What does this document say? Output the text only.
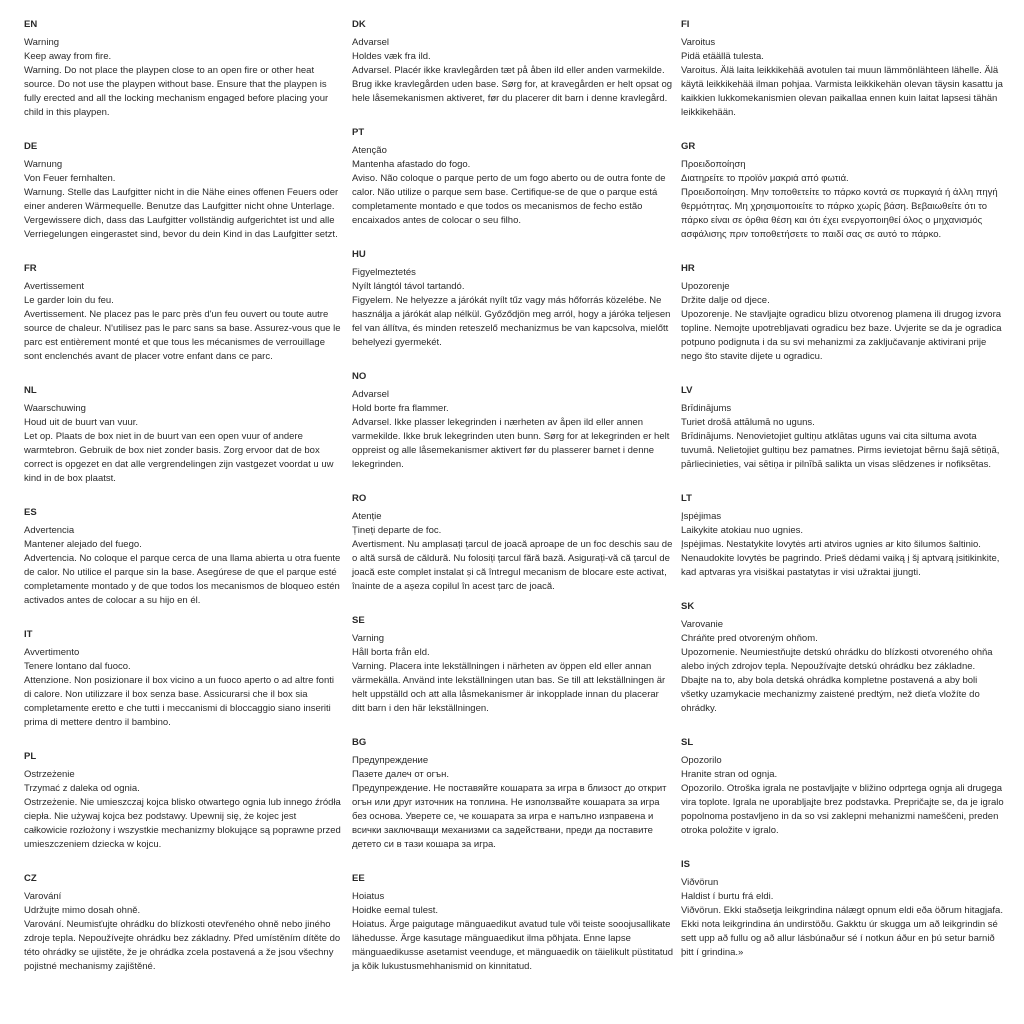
EN

Warning

Keep away from fire.

Warning. Do not place the playpen close to an open fire or other heat source. Do not use the playpen without base. Ensure that the playpen is fully erected and all the locking mechanism engaged before placing your child in this playpen.

DE

Warnung

Von Feuer fernhalten.

Warnung. Stelle das Laufgitter nicht in die Nähe eines offenen Feuers oder einer anderen Wärmequelle. Benutze das Laufgitter nicht ohne Unterlage. Vergewissere dich, dass das Laufgitter vollständig aufgerichtet ist und alle Verriegelungen eingerastet sind, bevor du dein Kind in das Laufgitter setzt.

FR

Avertissement

Le garder loin du feu.

Avertissement. Ne placez pas le parc près d'un feu ouvert ou toute autre source de chaleur. N'utilisez pas le parc sans sa base. Assurez-vous que le parc est entièrement monté et que tous les mécanismes de verrouillage sont enclenchés avant de placer votre enfant dans ce parc.

NL

Waarschuwing

Houd uit de buurt van vuur.

Let op. Plaats de box niet in de buurt van een open vuur of andere warmtebron. Gebruik de box niet zonder basis. Zorg ervoor dat de box correct is opgezet en dat alle vergrendelingen zijn vastgezet voordat u uw kind in de box plaatst.

ES

Advertencia

Mantener alejado del fuego.

Advertencia. No coloque el parque cerca de una llama abierta u otra fuente de calor. No utilice el parque sin la base. Asegúrese de que el parque esté completamente montado y de que todos los mecanismos de bloqueo estén activados antes de colocar a su hijo en él.

IT

Avvertimento

Tenere lontano dal fuoco.

Attenzione. Non posizionare il box vicino a un fuoco aperto o ad altre fonti di calore. Non utilizzare il box senza base. Assicurarsi che il box sia completamente eretto e che tutti i meccanismi di bloccaggio siano inseriti prima di mettere dentro il bambino.

PL

Ostrzeżenie

Trzymać z daleka od ognia.

Ostrzeżenie. Nie umieszczaj kojca blisko otwartego ognia lub innego źródła ciepła. Nie używaj kojca bez podstawy. Upewnij się, że kojec jest całkowicie rozłożony i wszystkie mechanizmy blokujące są poprawne przed umieszczeniem dziecka w kojcu.

CZ

Varování

Udržujte mimo dosah ohně.

Varování. Neumisťujte ohrádku do blízkosti otevřeného ohně nebo jiného zdroje tepla. Nepoužívejte ohrádku bez základny. Před umístěním dítěte do této ohrádky se ujistěte, že je ohrádka zcela postavená a že jsou všechny pojistné mechanismy zajištěné.

DK

Advarsel

Holdes væk fra ild.

Advarsel. Placér ikke kravlegården tæt på åben ild eller anden varmekilde. Brug ikke kravlegården uden base. Sørg for, at kravegården er helt opsat og hele låsemekanismen aktiveret, før du placerer dit barn i denne kravlegård.

PT

Atenção

Mantenha afastado do fogo.

Aviso. Não coloque o parque perto de um fogo aberto ou de outra fonte de calor. Não utilize o parque sem base. Certifique-se de que o parque está completamente montado e que todos os mecanismos de fecho estão encaixados antes de colocar o seu filho.

HU

Figyelmeztetés

Nyílt lángtól távol tartandó.

Figyelem. Ne helyezze a járókát nyílt tűz vagy más hőforrás közelébe. Ne használja a járókát alap nélkül. Győződjön meg arról, hogy a járóka teljesen fel van állítva, és minden reteszelő mechanizmus be van kapcsolva, mielőtt behelyezi gyermekét.

NO

Advarsel

Hold borte fra flammer.

Advarsel. Ikke plasser lekegrinden i nærheten av åpen ild eller annen varmekilde. Ikke bruk lekegrinden uten bunn. Sørg for at lekegrinden er helt oppreist og alle låsemekanismer aktivert før du plasserer barnet i denne lekegrinden.

RO

Atenție

Țineți departe de foc.

Avertisment. Nu amplasați țarcul de joacă aproape de un foc deschis sau de o altă sursă de căldură. Nu folosiți țarcul fără bază. Asigurați-vă că țarcul de joacă este complet instalat și că întregul mecanism de blocare este activat, înainte de a așeza copilul în acest țarc de joacă.

SE

Varning

Håll borta från eld.

Varning. Placera inte lekställningen i närheten av öppen eld eller annan värmekälla. Använd inte lekställningen utan bas. Se till att lekställningen är helt uppställd och att alla låsmekanismer är inkopplade innan du placerar ditt barn i den här lekställningen.

BG

Предупреждение

Пазете далеч от огън.

Предупреждение. Не поставяйте кошарата за игра в близост до открит огън или друг източник на топлина. Не използвайте кошарата за игра без основа. Уверете се, че кошарата за игра е напълно изправена и всички заключващи механизми са задействани, преди да поставите детето си в тази кошара за игра.

EE

Hoiatus

Hoidke eemal tulest.

Hoiatus. Ärge paigutage mänguaedikut avatud tule või teiste sooojusallikate lähedusse. Ärge kasutage mänguaedikut ilma põhjata. Enne lapse mänguaedikusse asetamist veenduge, et mänguaedik on täielikult püstitatud ja kõik lukustusmehhanismid on kinnitatud.

FI

Varoitus

Pidä etäällä tulesta.

Varoitus. Älä laita leikkikehää avotulen tai muun lämmönlähteen lähelle. Älä käytä leikkikehää ilman pohjaa. Varmista leikkikehän olevan täysin kasattu ja kaikkien lukkomekanismien olevan paikallaa ennen kuin laitat lapsesi tähän leikkikehään.

GR

Προειδοποίηση

Διατηρείτε το προϊόν μακριά από φωτιά.

Προειδοποίηση. Μην τοποθετείτε το πάρκο κοντά σε πυρκαγιά ή άλλη πηγή θερμότητας. Μη χρησιμοποιείτε το πάρκο χωρίς βάση. Βεβαιωθείτε ότι το πάρκο είναι σε όρθια θέση και ότι έχει ενεργοποιηθεί όλος ο μηχανισμός ασφάλισης πριν τοποθετήσετε το παιδί σας σε αυτό το πάρκο.

HR

Upozorenje

Držite dalje od djece.

Upozorenje. Ne stavljajte ogradicu blizu otvorenog plamena ili drugog izvora topline. Nemojte upotrebljavati ogradicu bez baze. Uvjerite se da je ogradica potpuno podignuta i da su svi mehanizmi za zaključavanje aktivirani prije nego što stavite dijete u ogradicu.

LV

Brīdinājums

Turiet drošā attālumā no uguns.

Brīdinājums. Nenovietojiet gultiņu atklātas uguns vai cita siltuma avota tuvumā. Nelietojiet gultiņu bez pamatnes. Pirms ievietojat bērnu šajā sētiņā, pārliecinieties, vai sētiņa ir pilnībā salikta un visas slēdzenes ir nofiksētas.

LT

Įspėjimas

Laikykite atokiau nuo ugnies.

Įspėjimas. Nestatykite lovytės arti atviros ugnies ar kito šilumos šaltinio. Nenaudokite lovytės be pagrindo. Prieš dėdami vaiką į šį aptvarą įsitikinkite, kad aptvaras yra visiškai pastatytas ir visi užraktai įjungti.

SK

Varovanie

Chráňte pred otvoreným ohňom.

Upozornenie. Neumiestňujte detskú ohrádku do blízkosti otvoreného ohňa alebo iných zdrojov tepla. Nepoužívajte detskú ohrádku bez základne. Dbajte na to, aby bola detská ohrádka kompletne postavená a aby boli všetky uzamykacie mechanizmy zaistené predtým, než dieťa vložíte do ohrádky.

SL

Opozorilo

Hranite stran od ognja.

Opozorilo. Otroška igrala ne postavljajte v bližino odprtega ognja ali drugega vira toplote. Igrala ne uporabljajte brez podstavka. Prepričajte se, da je igralo popolnoma postavljeno in da so vsi zaklepni mehanizmi nameščeni, preden otroka položite v igralo.

IS

Viðvörun

Haldist í burtu frá eldi.

Viðvörun. Ekki staðsetja leikgrindina nálægt opnum eldi eða öðrum hitagjafa. Ekki nota leikgrindina án undirstöðu. Gakktu úr skugga um að leikgrindin sé sett upp að fullu og að allur lásbúnaður sé í notkun áður en þú setur barnið þitt í grindina.»
